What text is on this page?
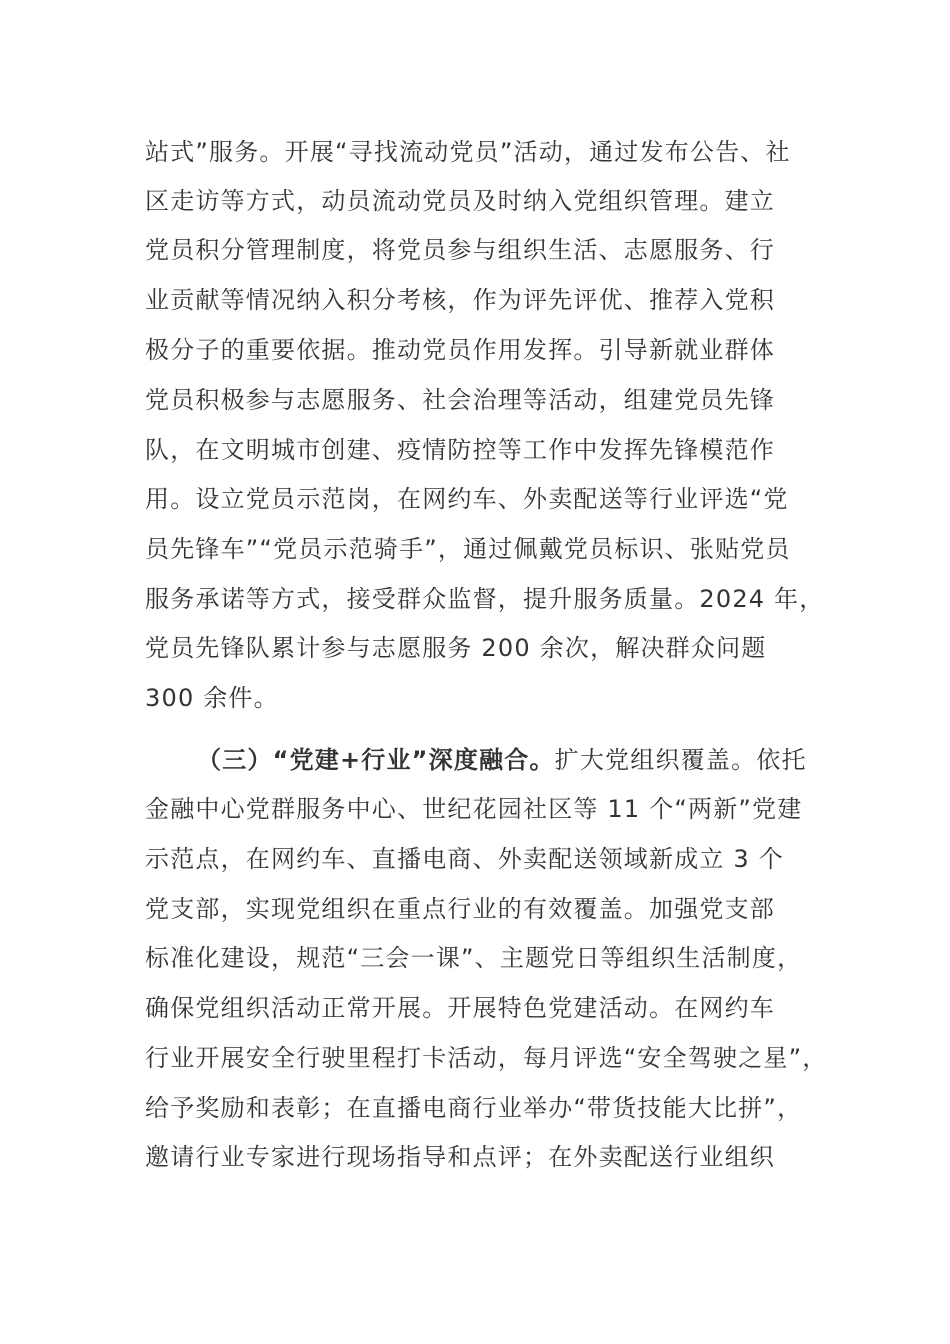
站式”服务。开展“寻找流动党员”活动，通过发布公告、社
区走访等方式，动员流动党员及时纳入党组织管理。建立
党员积分管理制度，将党员参与组织生活、志愿服务、行
业贡献等情况纳入积分考核，作为评先评优、推荐入党积
极分子的重要依据。推动党员作用发挥。引导新就业群体
党员积极参与志愿服务、社会治理等活动，组建党员先锋
队，在文明城市创建、疫情防控等工作中发挥先锋模范作
用。设立党员示范岗，在网约车、外卖配送等行业评选“党
员先锋车”“党员示范骑手”，通过佩戴党员标识、张贴党员
服务承诺等方式，接受群众监督，提升服务质量。2024 年，
党员先锋队累计参与志愿服务 200 余次，解决群众问题
300 余件。
（三）“党建+行业”深度融合。扩大党组织覆盖。依托
金融中心党群服务中心、世纪花园社区等 11 个“两新”党建
示范点，在网约车、直播电商、外卖配送领域新成立 3 个
党支部，实现党组织在重点行业的有效覆盖。加强党支部
标准化建设，规范“三会一课”、主题党日等组织生活制度，
确保党组织活动正常开展。开展特色党建活动。在网约车
行业开展安全行驶里程打卡活动，每月评选“安全驾驶之星”，
给予奖励和表彰；在直播电商行业举办“带货技能大比拼”，
邀请行业专家进行现场指导和点评；在外卖配送行业组织
